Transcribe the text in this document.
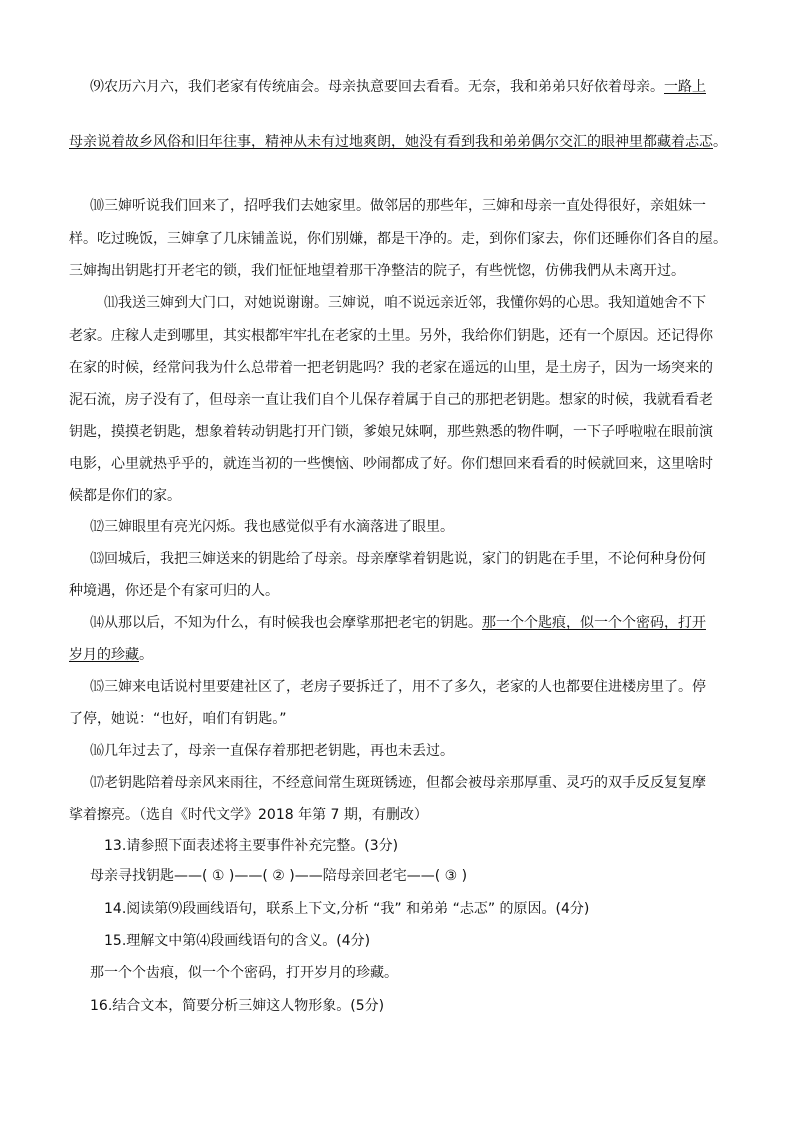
⑼农历六月六，我们老家有传统庙会。母亲执意要回去看看。无奈，我和弟弟只好依着母亲。一路上
母亲说着故乡风俗和旧年往事，精神从未有过地爽朗，她没有看到我和弟弟偶尔交汇的眼神里都藏着忐忑。
⑽三婶听说我们回来了，招呼我们去她家里。做邻居的那些年，三婶和母亲一直处得很好，亲姐妹一
样。吃过晚饭，三婶拿了几床铺盖说，你们别嫌，都是干净的。走，到你们家去，你们还睡你们各自的屋。
三婶掏出钥匙打开老宅的锁，我们怔怔地望着那干净整洁的院子，有些恍惚，仿佛我們从未离开过。
⑾我送三婶到大门口，对她说谢谢。三婶说，咱不说远亲近邻，我懂你妈的心思。我知道她舍不下
老家。庄稼人走到哪里，其实根都牢牢扎在老家的土里。另外，我给你们钥匙，还有一个原因。还记得你
在家的时候，经常问我为什么总带着一把老钥匙吗？我的老家在遥远的山里，是土房子，因为一场突来的
泥石流，房子没有了，但母亲一直让我们自个儿保存着属于自己的那把老钥匙。想家的时候，我就看看老
钥匙，摸摸老钥匙，想象着转动钥匙打开门锁，爹娘兄妹啊，那些熟悉的物件啊，一下子呼啦啦在眼前演
电影，心里就热乎乎的，就连当初的一些懊恼、吵闹都成了好。你们想回来看看的时候就回来，这里啥时
候都是你们的家。
⑿三婶眼里有亮光闪烁。我也感觉似乎有水滴落进了眼里。
⒀回城后，我把三婶送来的钥匙给了母亲。母亲摩挲着钥匙说，家门的钥匙在手里，不论何种身份何
种境遇，你还是个有家可归的人。
⒁从那以后，不知为什么，有时候我也会摩挲那把老宅的钥匙。那一个个匙痕，似一个个密码，打开
岁月的珍藏。
⒂三婶来电话说村里要建社区了，老房子要拆迁了，用不了多久，老家的人也都要住进楼房里了。停
了停，她说：“也好，咱们有钥匙。”
⒃几年过去了，母亲一直保存着那把老钥匙，再也未丢过。
⒄老钥匙陪着母亲风来雨往，不经意间常生斑斑锈迹，但都会被母亲那厚重、灵巧的双手反反复复摩
挲着擦亮。（选自《时代文学》2018 年第 7 期，有删改）
13.请参照下面表述将主要事件补充完整。(3分)
母亲寻找钥匙——( ① )——( ② )——陪母亲回老宅——( ③ )
14.阅读第⑼段画线语句，联系上下文,分析 “我” 和弟弟 “忐忑” 的原因。(4分)
15.理解文中第⑷段画线语句的含义。(4分)
那一个个齿痕，似一个个密码，打开岁月的珍藏。
16.结合文本，简要分析三婶这人物形象。(5分)
